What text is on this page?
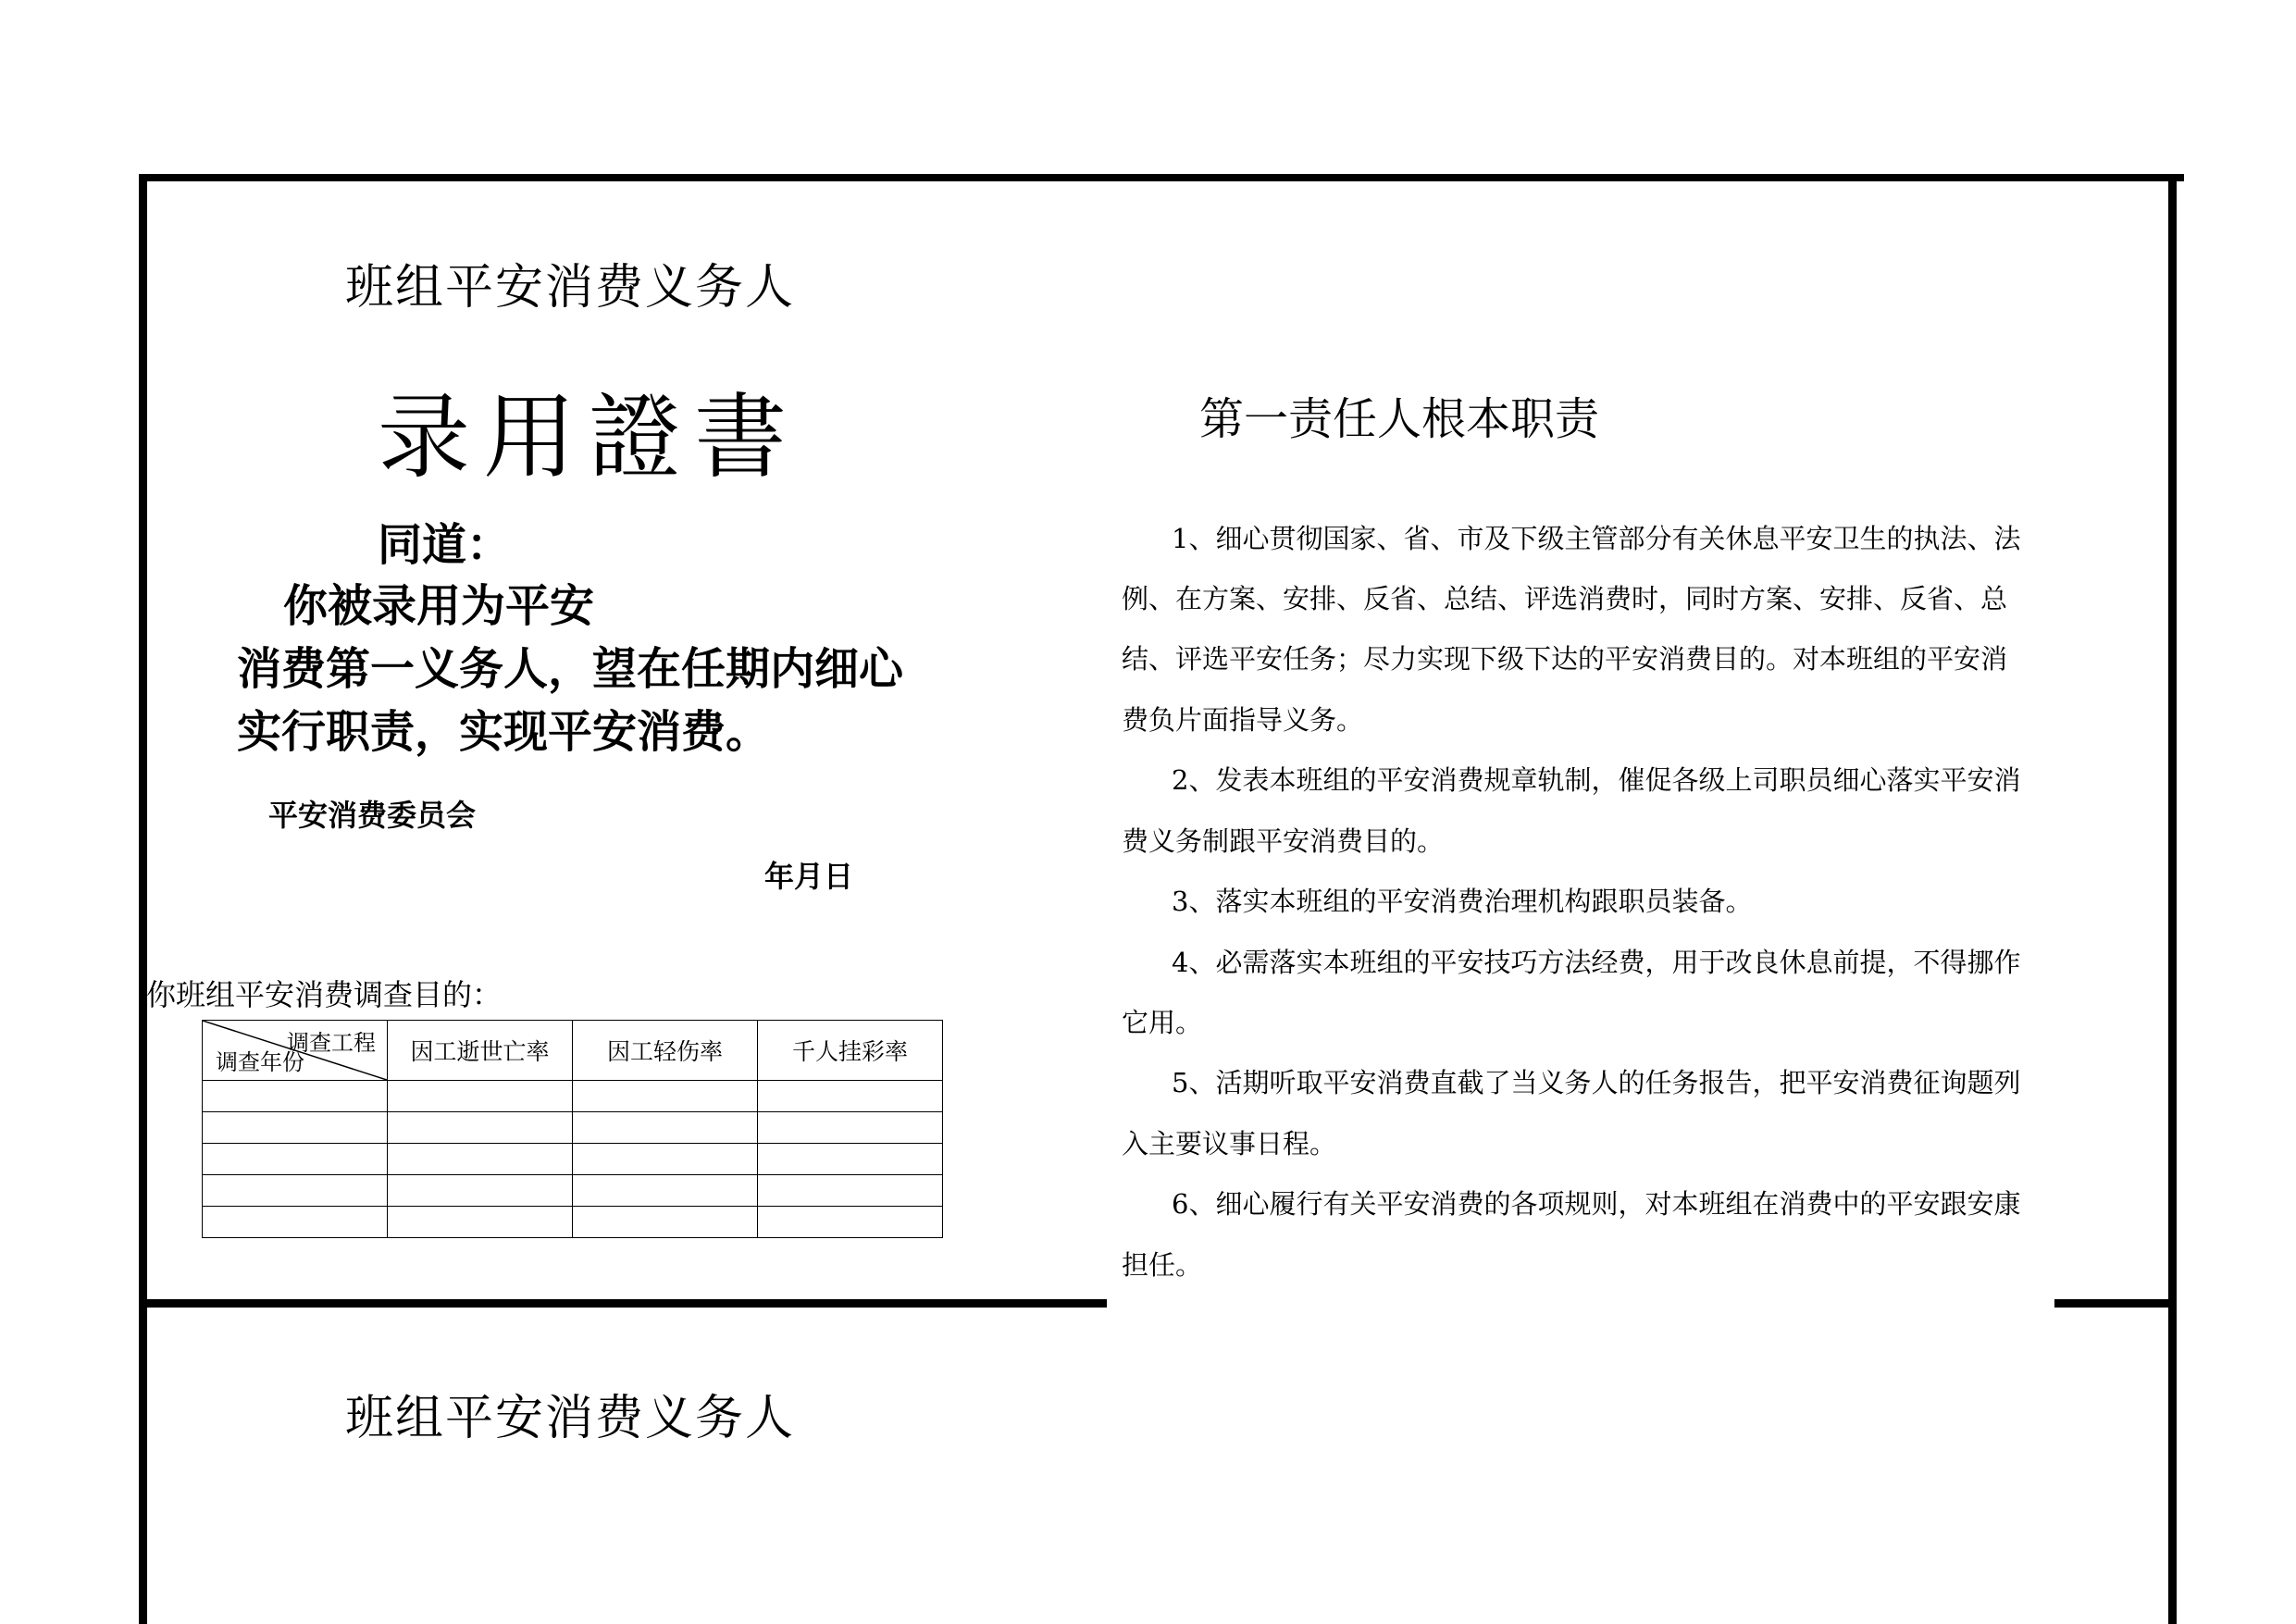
班组平安消费义务人
录用證書
同道：
你被录用为平安
消费第一义务人，望在任期内细心
实行职责，实现平安消费。
平安消费委员会
年月日
你班组平安消费调查目的：
调查工程
调查年份	因工逝世亡率	因工轻伤率	千人挂彩率

第一责任人根本职责
1、细心贯彻国家、省、市及下级主管部分有关休息平安卫生的执法、法
例、在方案、安排、反省、总结、评选消费时，同时方案、安排、反省、总
结、评选平安任务；尽力实现下级下达的平安消费目的。对本班组的平安消
费负片面指导义务。
2、发表本班组的平安消费规章轨制，催促各级上司职员细心落实平安消
费义务制跟平安消费目的。
3、落实本班组的平安消费治理机构跟职员装备。
4、必需落实本班组的平安技巧方法经费，用于改良休息前提，不得挪作
它用。
5、活期听取平安消费直截了当义务人的任务报告，把平安消费征询题列
入主要议事日程。
6、细心履行有关平安消费的各项规则，对本班组在消费中的平安跟安康
担任。
班组平安消费义务人
